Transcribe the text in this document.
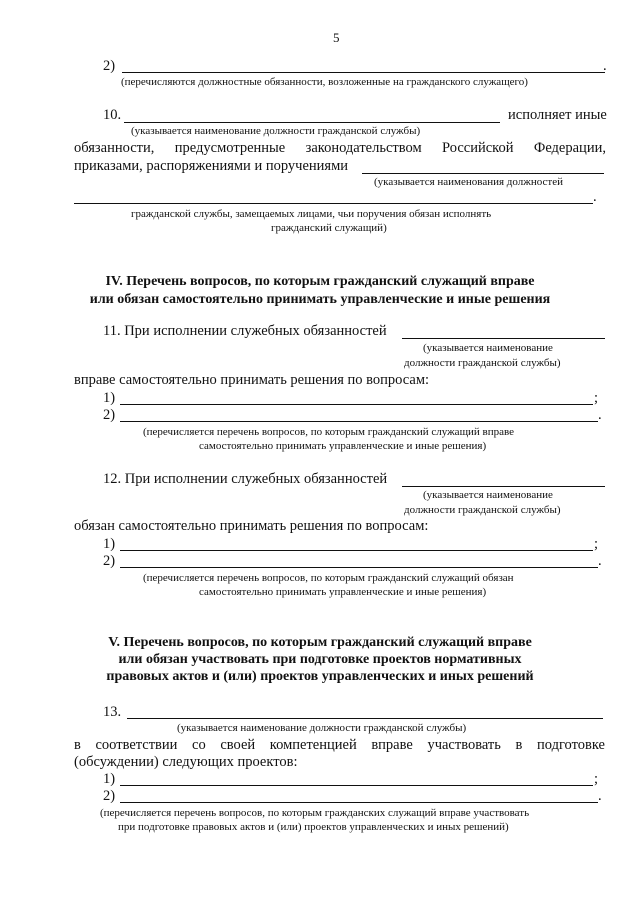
5
2)	.
(перечисляются должностные обязанности, возложенные на гражданского служащего)
10.	исполняет иные
(указывается наименование должности гражданской службы)
обязанности, предусмотренные законодательством Российской Федерации,
приказами, распоряжениями и поручениями
(указывается наименования должностей
.
гражданской службы, замещаемых лицами, чьи поручения обязан исполнять
гражданский служащий)
IV. Перечень вопросов, по которым гражданский служащий вправе
или обязан самостоятельно принимать управленческие и иные решения
11. При исполнении служебных обязанностей
(указывается наименование
должности гражданской службы)
вправе самостоятельно принимать решения по вопросам:
1)	;
2)	.
(перечисляется перечень вопросов, по которым гражданский служащий вправе
самостоятельно принимать управленческие и иные решения)
12. При исполнении служебных обязанностей
(указывается наименование
должности гражданской службы)
обязан самостоятельно принимать решения по вопросам:
1)	;
2)	.
(перечисляется перечень вопросов, по которым гражданский служащий обязан
самостоятельно принимать управленческие и иные решения)
V. Перечень вопросов, по которым гражданский служащий вправе
или обязан участвовать при подготовке проектов нормативных
правовых актов и (или) проектов управленческих и иных решений
13.
(указывается наименование должности гражданской службы)
в соответствии со своей компетенцией вправе участвовать в подготовке
(обсуждении) следующих проектов:
1)	;
2)	.
(перечисляется перечень вопросов, по которым гражданских служащий вправе участвовать
при подготовке правовых актов и (или) проектов управленческих и иных решений)
